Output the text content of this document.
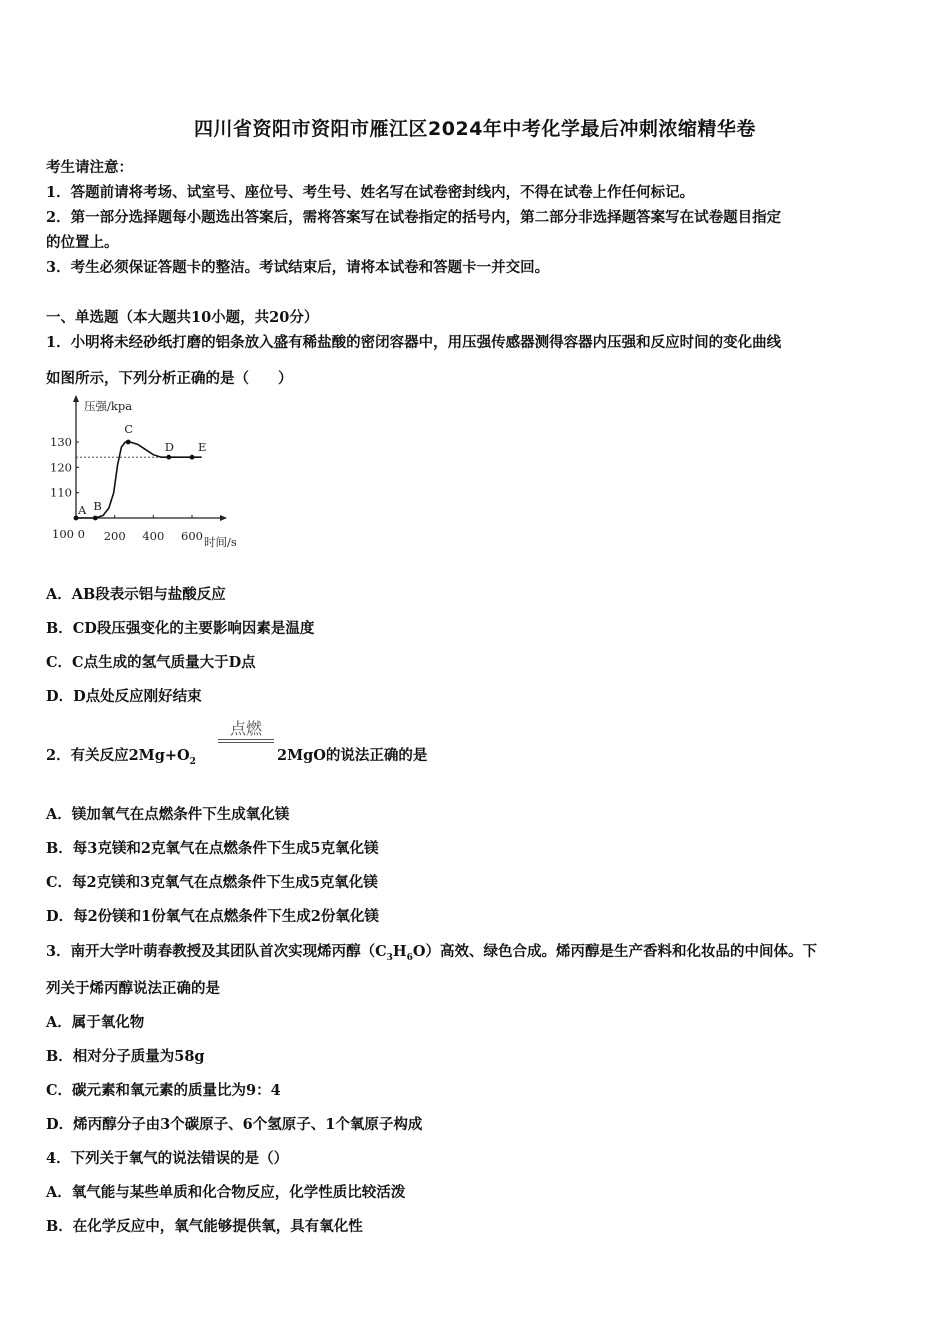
四川省资阳市资阳市雁江区2024年中考化学最后冲刺浓缩精华卷
考生请注意：
1．答题前请将考场、试室号、座位号、考生号、姓名写在试卷密封线内，不得在试卷上作任何标记。
2．第一部分选择题每小题选出答案后，需将答案写在试卷指定的括号内，第二部分非选择题答案写在试卷题目指定
的位置上。
3．考生必须保证答题卡的整洁。考试结束后，请将本试卷和答题卡一并交回。
一、单选题（本大题共10小题，共20分）
1．小明将未经砂纸打磨的铝条放入盛有稀盐酸的密闭容器中，用压强传感器测得容器内压强和反应时间的变化曲线
如图所示，下列分析正确的是（　　）
压强/kpa
时间/s
100 0 200 400 600
110
120
130
A B
C
D E
A．AB段表示铝与盐酸反应
B．CD段压强变化的主要影响因素是温度
C．C点生成的氢气质量大于D点
D．D点处反应刚好结束
2．有关反应$2Mg+O_2$
点燃
2MgO的说法正确的是
A．镁加氧气在点燃条件下生成氧化镁
B．每3克镁和2克氧气在点燃条件下生成5克氧化镁
C．每2克镁和3克氧气在点燃条件下生成5克氧化镁
D．每2份镁和1份氧气在点燃条件下生成2份氧化镁
3．南开大学叶萌春教授及其团队首次实现烯丙醇$(C_3H_6O)$高效、绿色合成。烯丙醇是生产香料和化妆品的中间体。下
列关于烯丙醇说法正确的是
A．属于氧化物
B．相对分子质量为58g
C．碳元素和氧元素的质量比为9：4
D．烯丙醇分子由3个碳原子、6个氢原子、1个氧原子构成
4．下列关于氧气的说法错误的是（）
A．氧气能与某些单质和化合物反应，化学性质比较活泼
B．在化学反应中，氧气能够提供氧，具有氧化性
